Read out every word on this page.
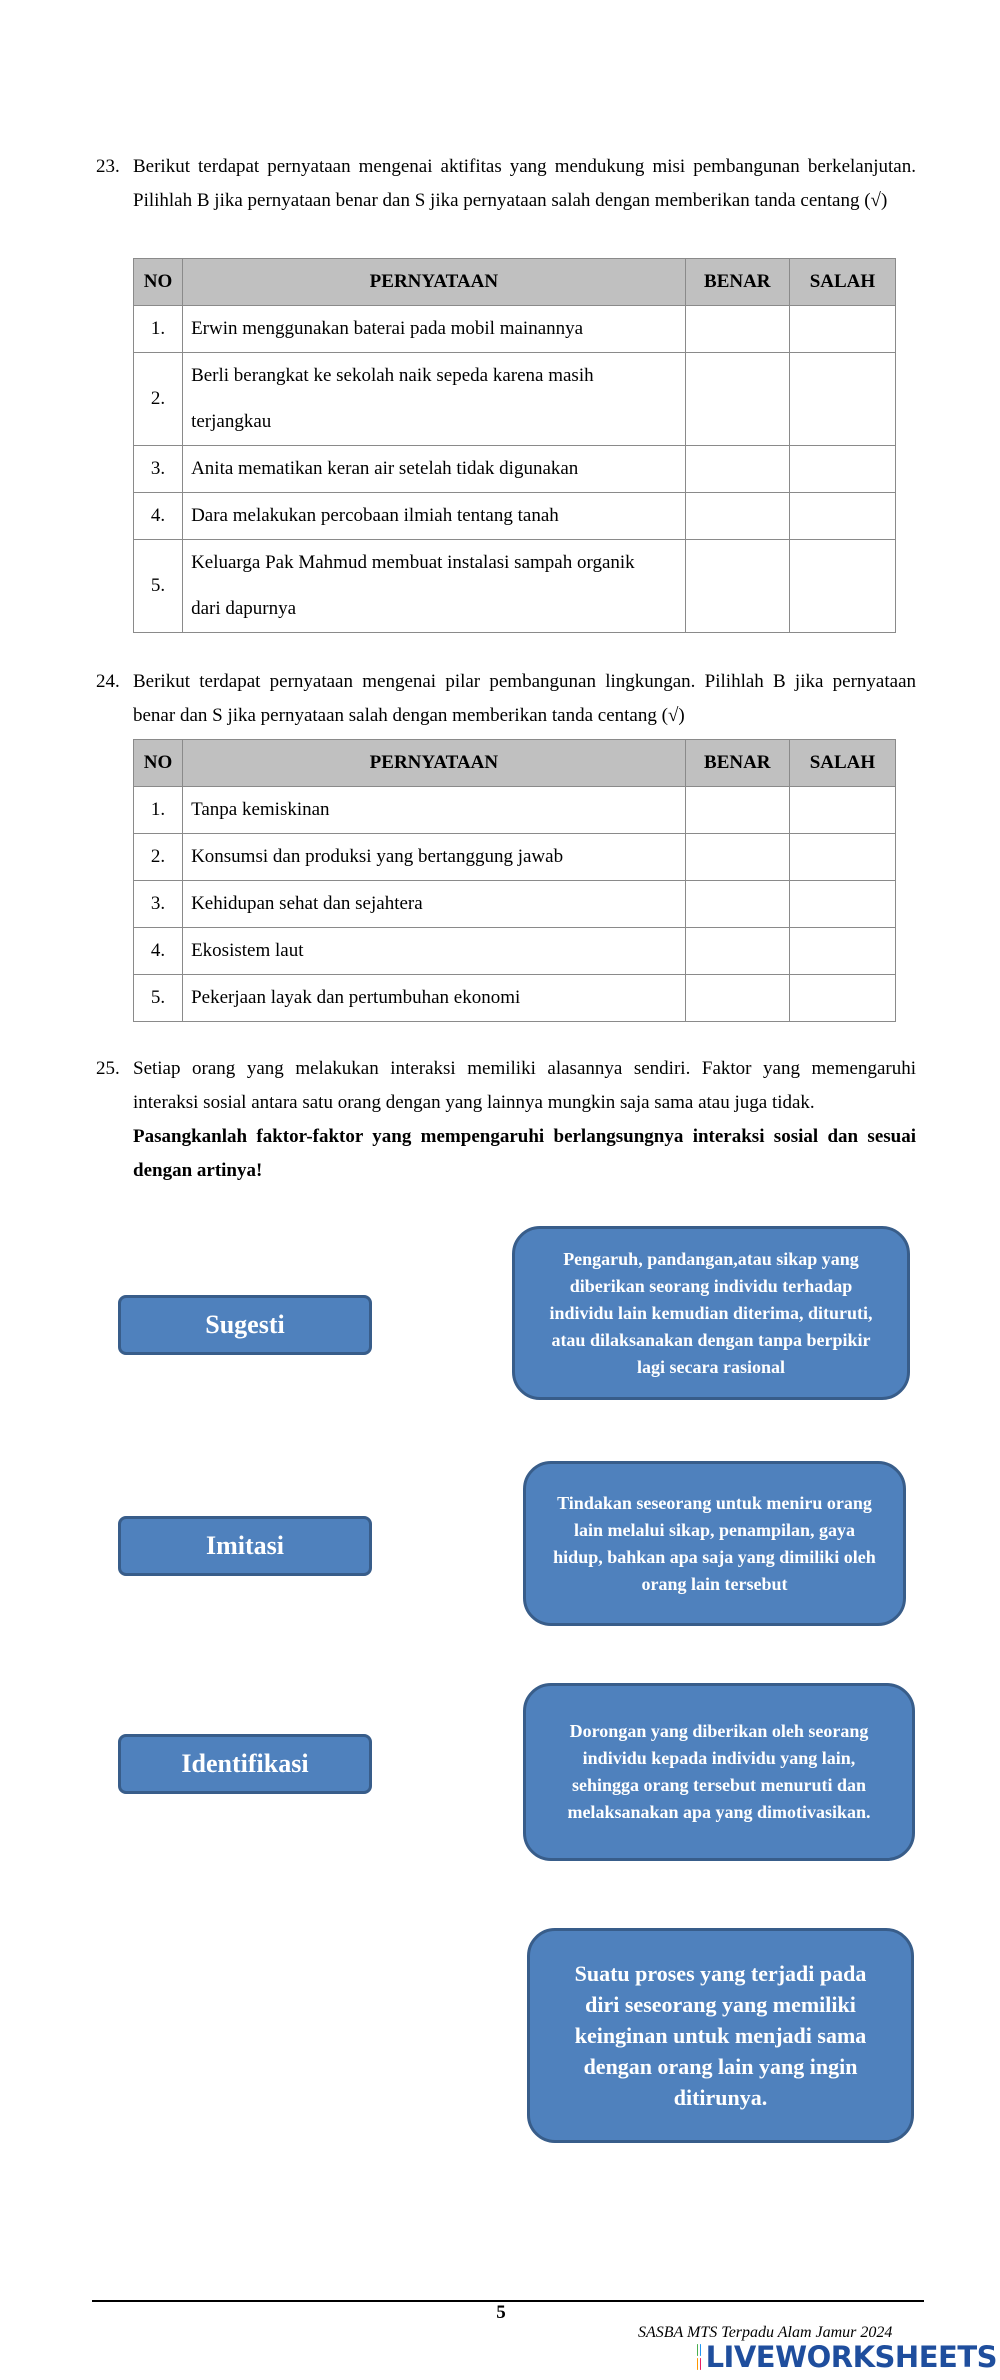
23. Berikut terdapat pernyataan mengenai aktifitas yang mendukung misi pembangunan berkelanjutan. Pilihlah B jika pernyataan benar dan S jika pernyataan salah dengan memberikan tanda centang (√)
NO	PERNYATAAN	BENAR	SALAH
1.	Erwin menggunakan baterai pada mobil mainannya		
2.	Berli berangkat ke sekolah naik sepeda karena masih
terjangkau		

3.	Anita mematikan keran air setelah tidak digunakan		
4.	Dara melakukan percobaan ilmiah tentang tanah		
5.	Keluarga Pak Mahmud membuat instalasi sampah organik
dari dapurnya		

24. Berikut terdapat pernyataan mengenai pilar pembangunan lingkungan. Pilihlah B jika pernyataan benar dan S jika pernyataan salah dengan memberikan tanda centang (√)
NO	PERNYATAAN	BENAR	SALAH
1.	Tanpa kemiskinan		
2.	Konsumsi dan produksi yang bertanggung jawab		
3.	Kehidupan sehat dan sejahtera		
4.	Ekosistem laut		
5.	Pekerjaan layak dan pertumbuhan ekonomi		
25. Setiap orang yang melakukan interaksi memiliki alasannya sendiri. Faktor yang memengaruhi interaksi sosial antara satu orang dengan yang lainnya mungkin saja sama atau juga tidak.
Pasangkanlah faktor-faktor yang mempengaruhi berlangsungnya interaksi sosial dan sesuai dengan artinya!
Sugesti
Imitasi
Identifikasi
Pengaruh, pandangan,atau sikap yang diberikan seorang individu terhadap individu lain kemudian diterima, dituruti, atau dilaksanakan dengan tanpa berpikir lagi secara rasional
Tindakan seseorang untuk meniru orang lain melalui sikap, penampilan, gaya hidup, bahkan apa saja yang dimiliki oleh orang lain tersebut
Dorongan yang diberikan oleh seorang individu kepada individu yang lain, sehingga orang tersebut menuruti dan melaksanakan apa yang dimotivasikan.
Suatu proses yang terjadi pada diri seseorang yang memiliki keinginan untuk menjadi sama dengan orang lain yang ingin ditirunya.
5
SASBA MTS Terpadu Alam Jamur 2024
LIVEWORKSHEETS
